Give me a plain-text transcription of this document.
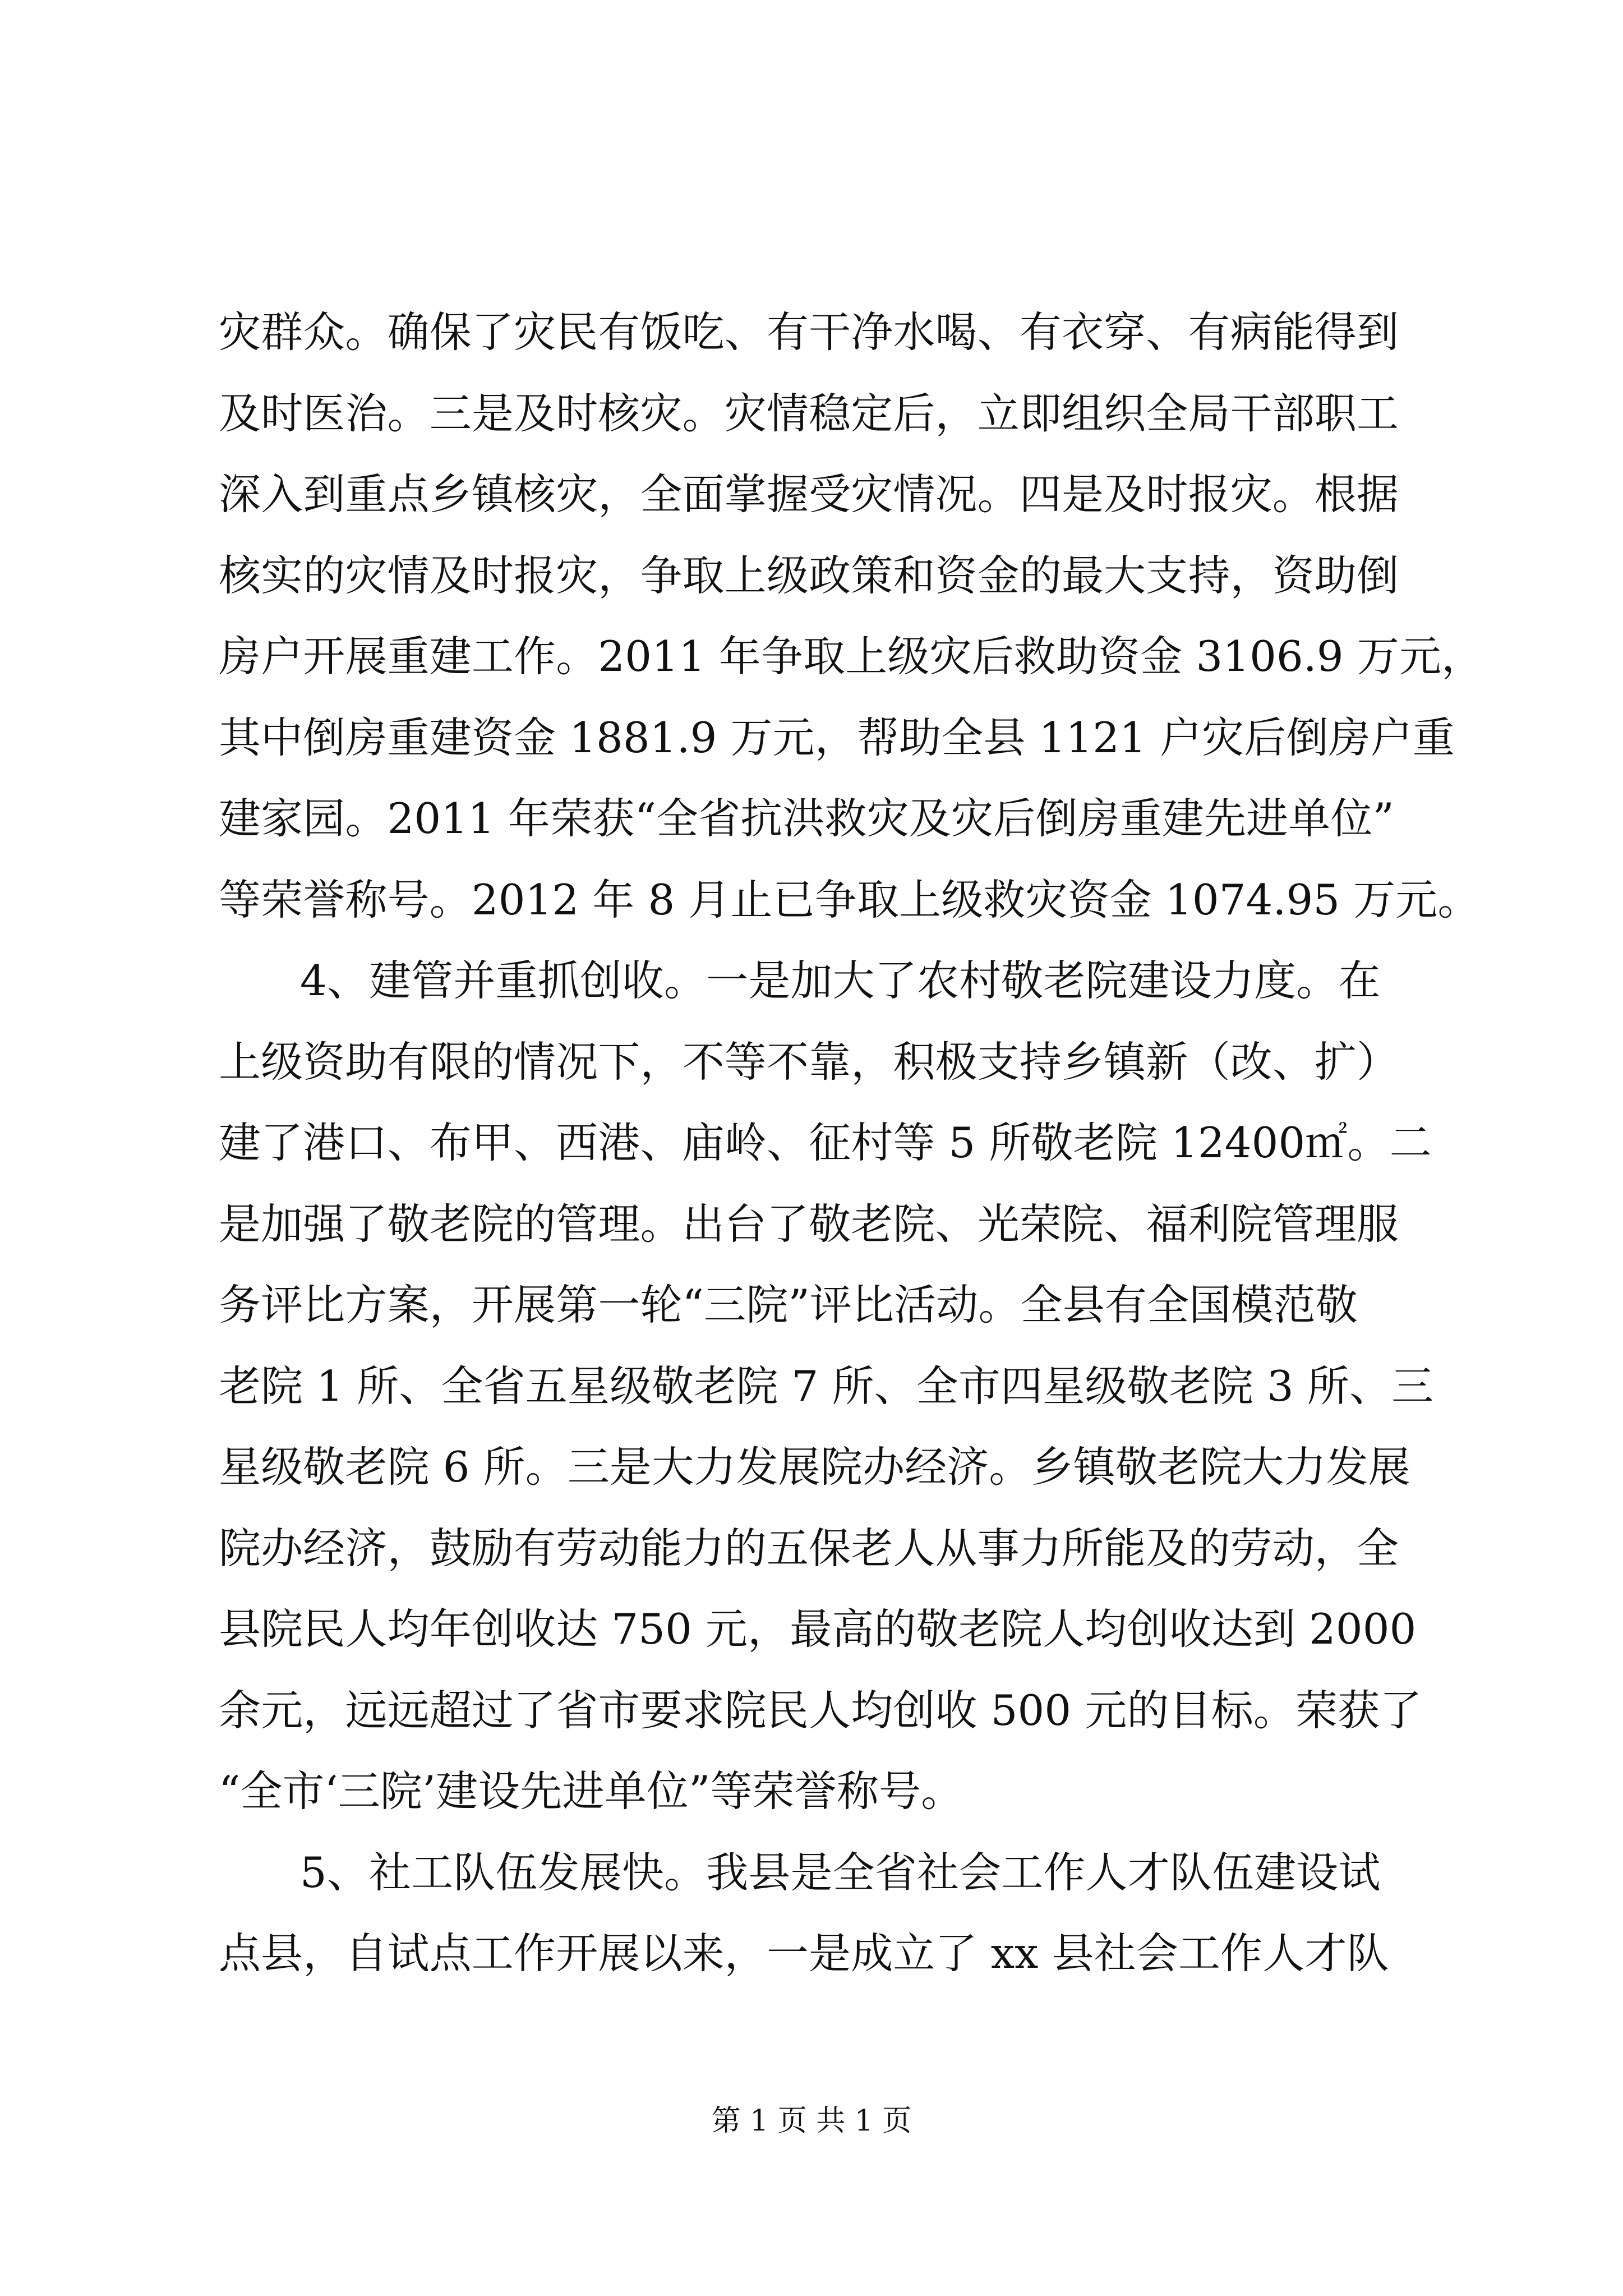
灾群众。确保了灾民有饭吃、有干净水喝、有衣穿、有病能得到
及时医治。三是及时核灾。灾情稳定后，立即组织全局干部职工
深入到重点乡镇核灾，全面掌握受灾情况。四是及时报灾。根据
核实的灾情及时报灾，争取上级政策和资金的最大支持，资助倒
房户开展重建工作。2011 年争取上级灾后救助资金 3106.9 万元，
其中倒房重建资金 1881.9 万元，帮助全县 1121 户灾后倒房户重
建家园。2011 年荣获“全省抗洪救灾及灾后倒房重建先进单位”
等荣誉称号。2012 年 8 月止已争取上级救灾资金 1074.95 万元。
4、建管并重抓创收。一是加大了农村敬老院建设力度。在
上级资助有限的情况下，不等不靠，积极支持乡镇新（改、扩）
建了港口、布甲、西港、庙岭、征村等 5 所敬老院 12400㎡。二
是加强了敬老院的管理。出台了敬老院、光荣院、福利院管理服
务评比方案，开展第一轮“三院”评比活动。全县有全国模范敬
老院 1 所、全省五星级敬老院 7 所、全市四星级敬老院 3 所、三
星级敬老院 6 所。三是大力发展院办经济。乡镇敬老院大力发展
院办经济，鼓励有劳动能力的五保老人从事力所能及的劳动，全
县院民人均年创收达 750 元，最高的敬老院人均创收达到 2000
余元，远远超过了省市要求院民人均创收 500 元的目标。荣获了
“全市‘三院’建设先进单位”等荣誉称号。
5、社工队伍发展快。我县是全省社会工作人才队伍建设试
点县，自试点工作开展以来，一是成立了 xx 县社会工作人才队
第 1 页 共 1 页
